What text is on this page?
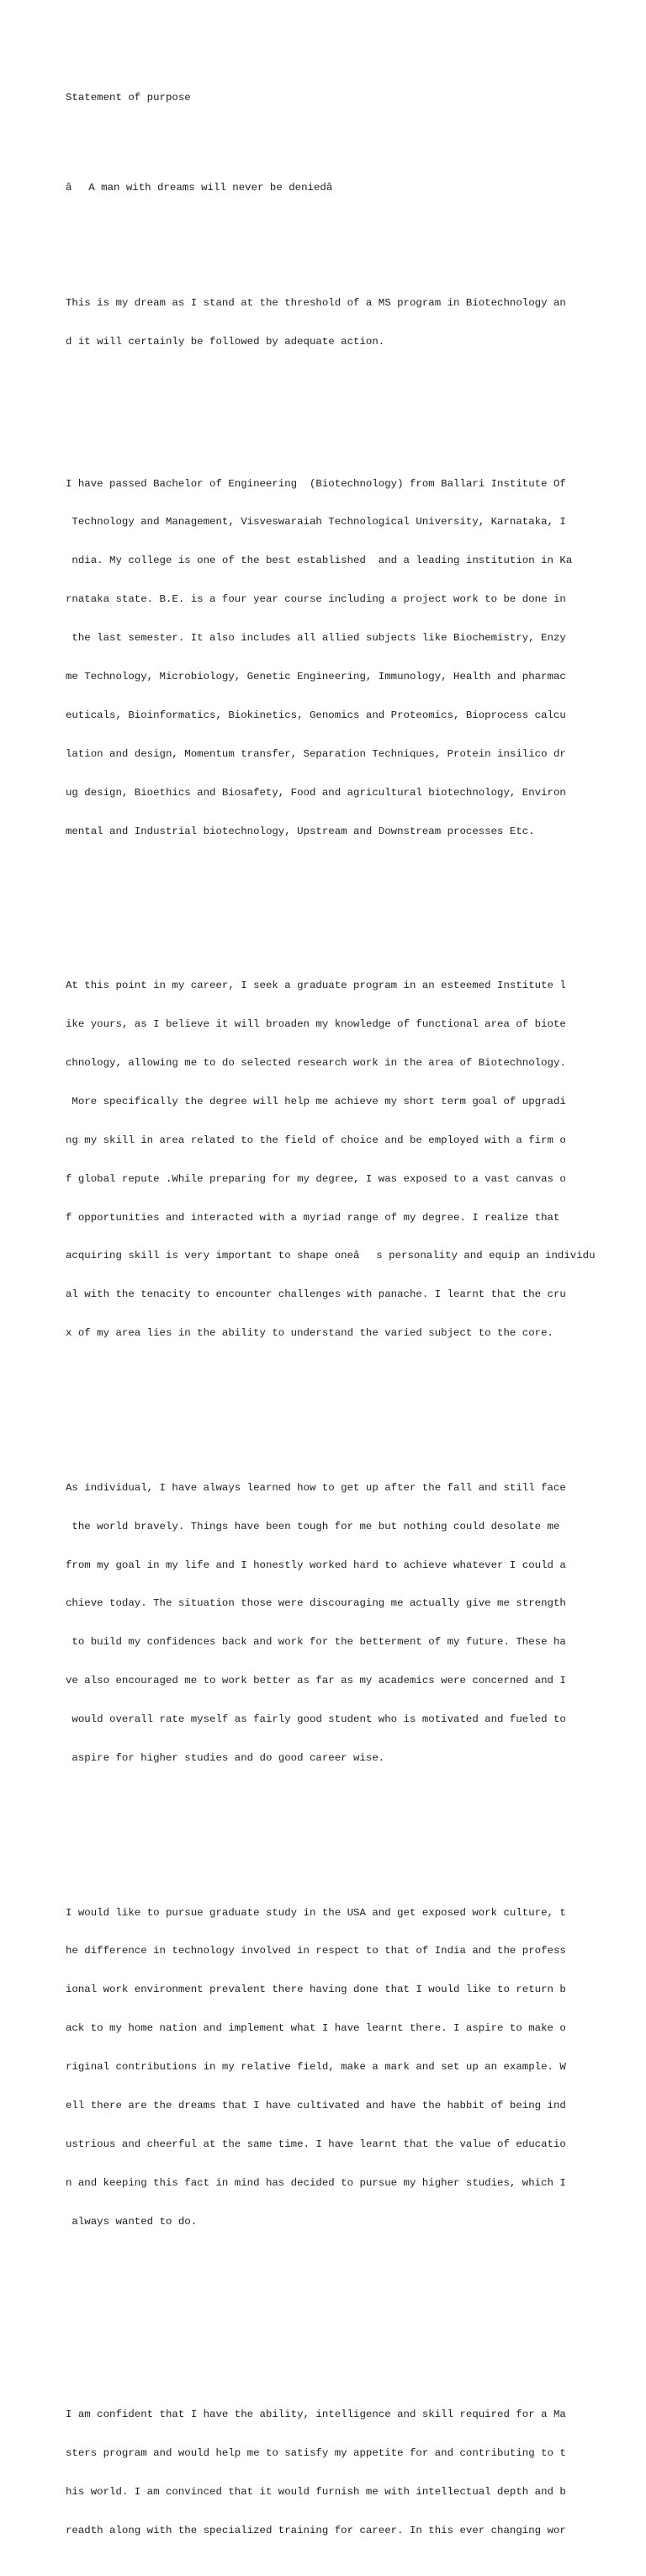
Statement of purpose

âA man with dreams will never be deniedâ

This is my dream as I stand at the threshold of a MS program in Biotechnology an

d it will certainly be followed by adequate action.

I have passed Bachelor of Engineering  (Biotechnology) from Ballari Institute Of

Technology and Management, Visveswaraiah Technological University, Karnataka, I

ndia. My college is one of the best established  and a leading institution in Ka

rnataka state. B.E. is a four year course including a project work to be done in

the last semester. It also includes all allied subjects like Biochemistry, Enzy

me Technology, Microbiology, Genetic Engineering, Immunology, Health and pharmac

euticals, Bioinformatics, Biokinetics, Genomics and Proteomics, Bioprocess calcu

lation and design, Momentum transfer, Separation Techniques, Protein insilico dr

ug design, Bioethics and Biosafety, Food and agricultural biotechnology, Environ

mental and Industrial biotechnology, Upstream and Downstream processes Etc.

At this point in my career, I seek a graduate program in an esteemed Institute l

ike yours, as I believe it will broaden my knowledge of functional area of biote

chnology, allowing me to do selected research work in the area of Biotechnology.

More specifically the degree will help me achieve my short term goal of upgradi

ng my skill in area related to the field of choice and be employed with a firm o

f global repute .While preparing for my degree, I was exposed to a vast canvas o

f opportunities and interacted with a myriad range of my degree. I realize that

acquiring skill is very important to shape oneâs personality and equip an individu

al with the tenacity to encounter challenges with panache. I learnt that the cru

x of my area lies in the ability to understand the varied subject to the core.

As individual, I have always learned how to get up after the fall and still face

the world bravely. Things have been tough for me but nothing could desolate me

from my goal in my life and I honestly worked hard to achieve whatever I could a

chieve today. The situation those were discouraging me actually give me strength

to build my confidences back and work for the betterment of my future. These ha

ve also encouraged me to work better as far as my academics were concerned and I

would overall rate myself as fairly good student who is motivated and fueled to

aspire for higher studies and do good career wise.

I would like to pursue graduate study in the USA and get exposed work culture, t

he difference in technology involved in respect to that of India and the profess

ional work environment prevalent there having done that I would like to return b

ack to my home nation and implement what I have learnt there. I aspire to make o

riginal contributions in my relative field, make a mark and set up an example. W

ell there are the dreams that I have cultivated and have the habbit of being ind

ustrious and cheerful at the same time. I have learnt that the value of educatio

n and keeping this fact in mind has decided to pursue my higher studies, which I

always wanted to do.

I am confident that I have the ability, intelligence and skill required for a Ma

sters program and would help me to satisfy my appetite for and contributing to t

his world. I am convinced that it would furnish me with intellectual depth and b

readth along with the specialized training for career. In this ever changing wor
